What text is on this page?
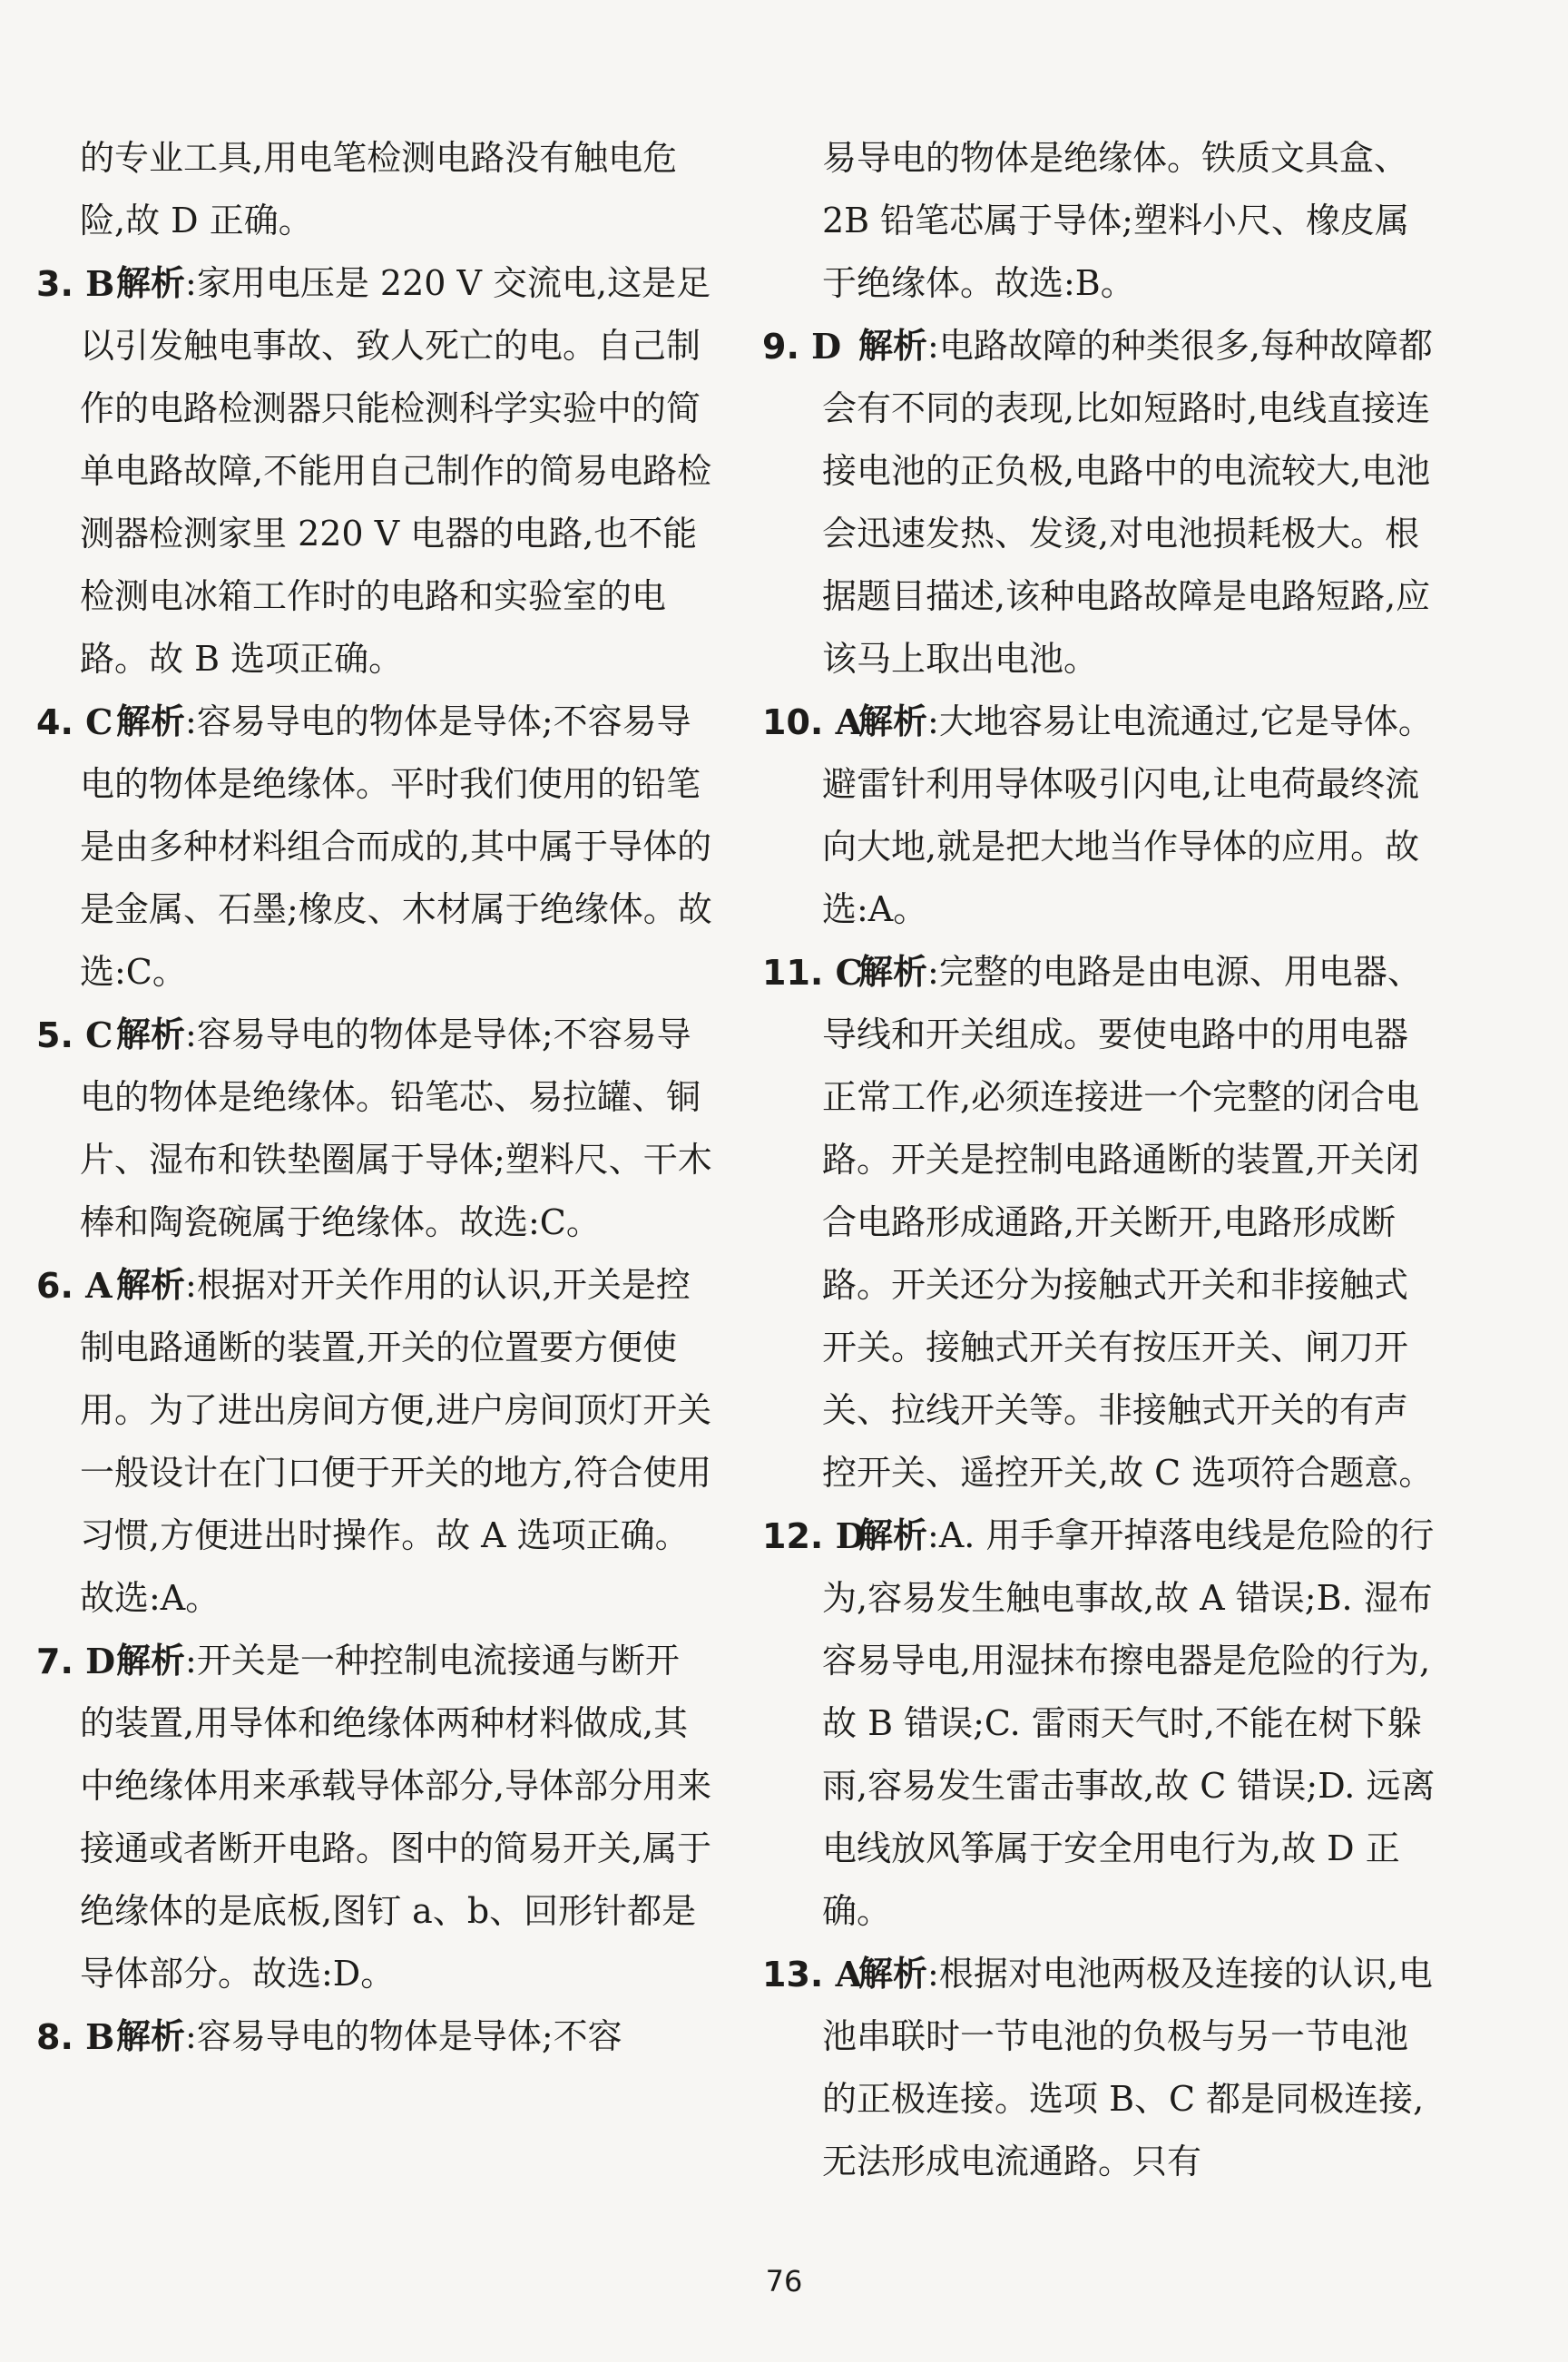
的专业工具,用电笔检测电路没有触电危险,故 D 正确。
3. B 解析:家用电压是 220 V 交流电,这是足以引发触电事故、致人死亡的电。自己制作的电路检测器只能检测科学实验中的简单电路故障,不能用自己制作的简易电路检测器检测家里 220 V 电器的电路,也不能检测电冰箱工作时的电路和实验室的电路。故 B 选项正确。
4. C 解析:容易导电的物体是导体;不容易导电的物体是绝缘体。平时我们使用的铅笔是由多种材料组合而成的,其中属于导体的是金属、石墨;橡皮、木材属于绝缘体。故选:C。
5. C 解析:容易导电的物体是导体;不容易导电的物体是绝缘体。铅笔芯、易拉罐、铜片、湿布和铁垫圈属于导体;塑料尺、干木棒和陶瓷碗属于绝缘体。故选:C。
6. A 解析:根据对开关作用的认识,开关是控制电路通断的装置,开关的位置要方便使用。为了进出房间方便,进户房间顶灯开关一般设计在门口便于开关的地方,符合使用习惯,方便进出时操作。故 A 选项正确。故选:A。
7. D 解析:开关是一种控制电流接通与断开的装置,用导体和绝缘体两种材料做成,其中绝缘体用来承载导体部分,导体部分用来接通或者断开电路。图中的简易开关,属于绝缘体的是底板,图钉 a、b、回形针都是导体部分。故选:D。
8. B 解析:容易导电的物体是导体;不容
易导电的物体是绝缘体。铁质文具盒、2B 铅笔芯属于导体;塑料小尺、橡皮属于绝缘体。故选:B。
9. D 解析:电路故障的种类很多,每种故障都会有不同的表现,比如短路时,电线直接连接电池的正负极,电路中的电流较大,电池会迅速发热、发烫,对电池损耗极大。根据题目描述,该种电路故障是电路短路,应该马上取出电池。
10. A
解析:大地容易让电流通过,它是导体。避雷针利用导体吸引闪电,让电荷最终流向大地,就是把大地当作导体的应用。故选:A。
11. C
解析:完整的电路是由电源、用电器、导线和开关组成。要使电路中的用电器正常工作,必须连接进一个完整的闭合电路。开关是控制电路通断的装置,开关闭合电路形成通路,开关断开,电路形成断路。开关还分为接触式开关和非接触式开关。接触式开关有按压开关、闸刀开关、拉线开关等。非接触式开关的有声控开关、遥控开关,故 C 选项符合题意。
12. D
解析:A. 用手拿开掉落电线是危险的行为,容易发生触电事故,故 A 错误;B. 湿布容易导电,用湿抹布擦电器是危险的行为,故 B 错误;C. 雷雨天气时,不能在树下躲雨,容易发生雷击事故,故 C 错误;D. 远离电线放风筝属于安全用电行为,故 D 正确。
13. A
解析:根据对电池两极及连接的认识,电池串联时一节电池的负极与另一节电池的正极连接。选项 B、C 都是同极连接,无法形成电流通路。只有
76
